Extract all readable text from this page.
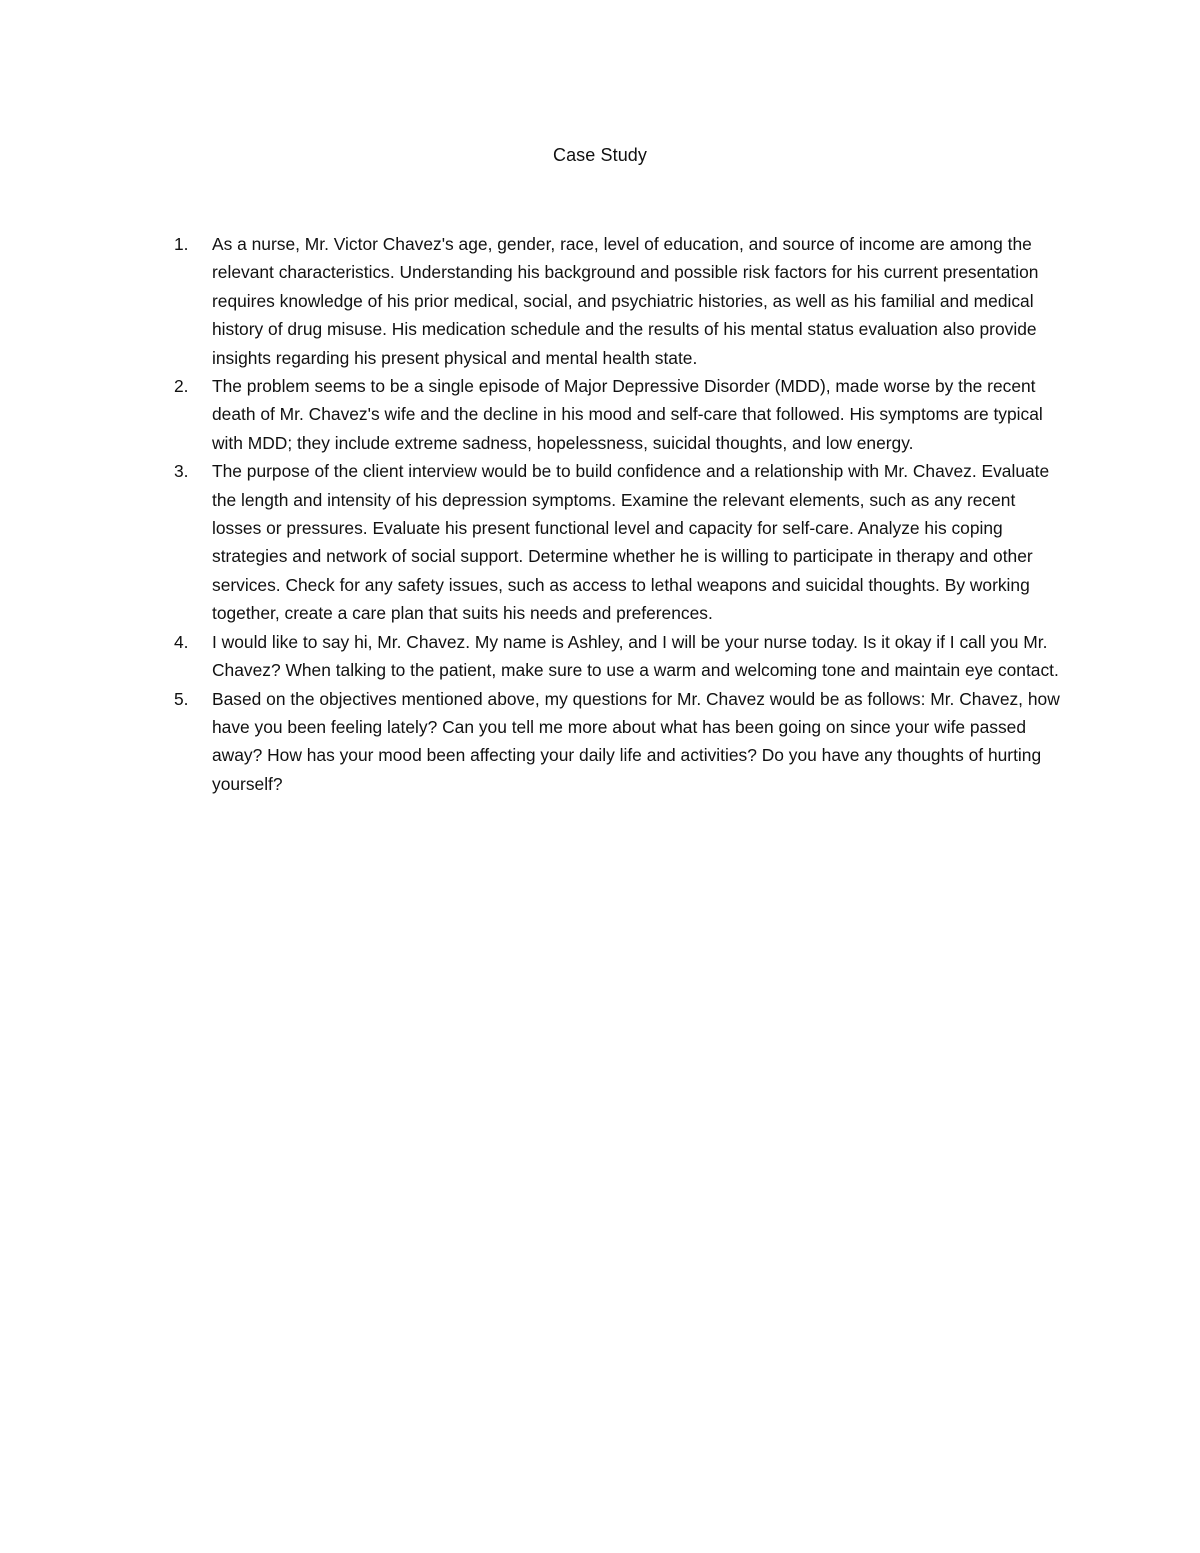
Case Study
1.	As a nurse, Mr. Victor Chavez's age, gender, race, level of education, and source of income are among the relevant characteristics. Understanding his background and possible risk factors for his current presentation requires knowledge of his prior medical, social, and psychiatric histories, as well as his familial and medical history of drug misuse. His medication schedule and the results of his mental status evaluation also provide insights regarding his present physical and mental health state.
2.	The problem seems to be a single episode of Major Depressive Disorder (MDD), made worse by the recent death of Mr. Chavez's wife and the decline in his mood and self-care that followed. His symptoms are typical with MDD; they include extreme sadness, hopelessness, suicidal thoughts, and low energy.
3.	The purpose of the client interview would be to build confidence and a relationship with Mr. Chavez. Evaluate the length and intensity of his depression symptoms. Examine the relevant elements, such as any recent losses or pressures. Evaluate his present functional level and capacity for self-care. Analyze his coping strategies and network of social support. Determine whether he is willing to participate in therapy and other services. Check for any safety issues, such as access to lethal weapons and suicidal thoughts. By working together, create a care plan that suits his needs and preferences.
4.	I would like to say hi, Mr. Chavez. My name is Ashley, and I will be your nurse today. Is it okay if I call you Mr. Chavez? When talking to the patient, make sure to use a warm and welcoming tone and maintain eye contact.
5.	Based on the objectives mentioned above, my questions for Mr. Chavez would be as follows: Mr. Chavez, how have you been feeling lately? Can you tell me more about what has been going on since your wife passed away? How has your mood been affecting your daily life and activities? Do you have any thoughts of hurting yourself?
